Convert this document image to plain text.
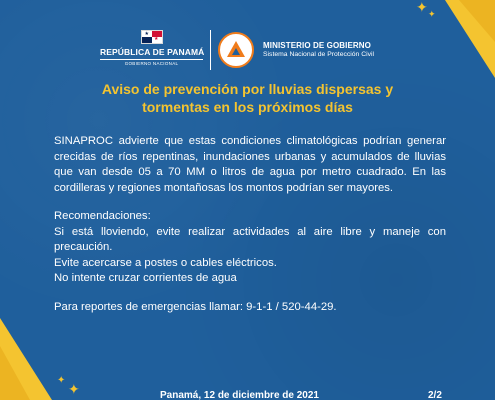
✦ ✦
✦
✦
★
★
REPÚBLICA DE PANAMÁ
GOBIERNO NACIONAL
MINISTERIO DE GOBIERNO
Sistema Nacional de Protección Civil
Aviso de prevención por lluvias dispersas y
tormentas en los próximos días
SINAPROC advierte que estas condiciones climatológicas podrían generar
crecidas de ríos repentinas, inundaciones urbanas y acumulados de lluvias
que van desde 05 a 70 MM o litros de agua por metro cuadrado. En las
cordilleras y regiones montañosas los montos podrían ser mayores.
Recomendaciones:
Si está lloviendo, evite realizar actividades al aire libre y maneje con
precaución.
Evite acercarse a postes o cables eléctricos.
No intente cruzar corrientes de agua
Para reportes de emergencias llamar: 9-1-1 / 520-44-29.
Panamá, 12 de diciembre de 2021	2/2
